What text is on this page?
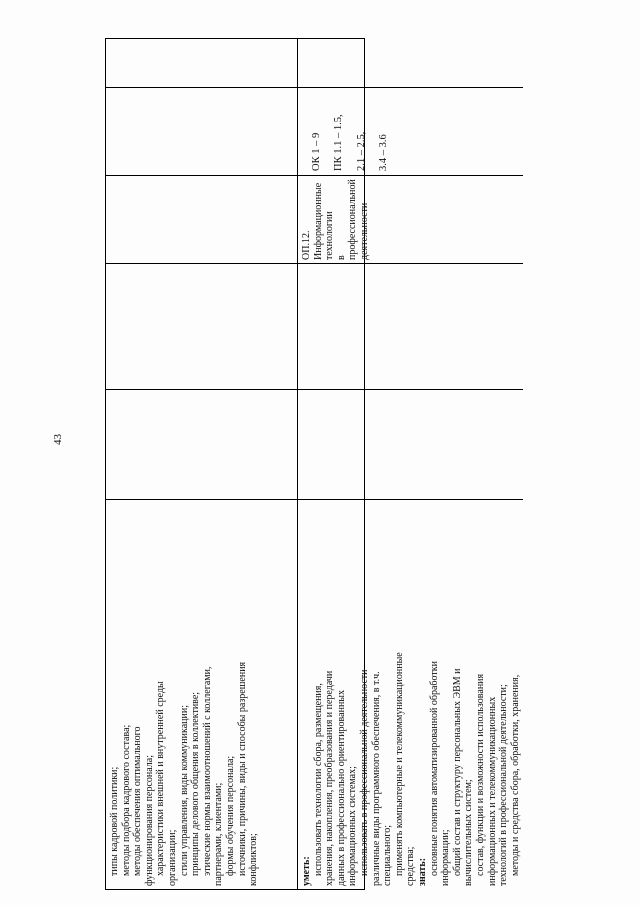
43

типы кадровой политики; методы подбора кадрового состава; методы обеспечения оптимального функционирования персонала; характеристики внешней и внутренней среды организации; стили управления, виды коммуникации; принципы делового общения в коллективе; этические нормы взаимоотношений с коллегами, партнерами, клиентами; формы обучения персонала; источники, причины, виды и способы разрешения конфликтов;	уметь: использовать технологии сбора, размещения, хранения, накопления, преобразования и передачи данных в профессионально ориентированных информационных системах; использовать в профессиональной деятельности различные виды программного обеспечения, в т.ч. специального; применять компьютерные и телекоммуникационные средства; знать: основные понятия автоматизированной обработки информации; общий состав и структуру персональных ЭВМ и вычислительных систем; состав, функции и возможности использования информационных и телекоммуникационных технологий в профессиональной деятельности; методы и средства сбора, обработки, хранения,

ОП.12. Информационные технологии в профессиональной деятельности

ОК 1 – 9 ПК 1.1 – 1.5, 2.1 – 2.5, 3.4 – 3.6
